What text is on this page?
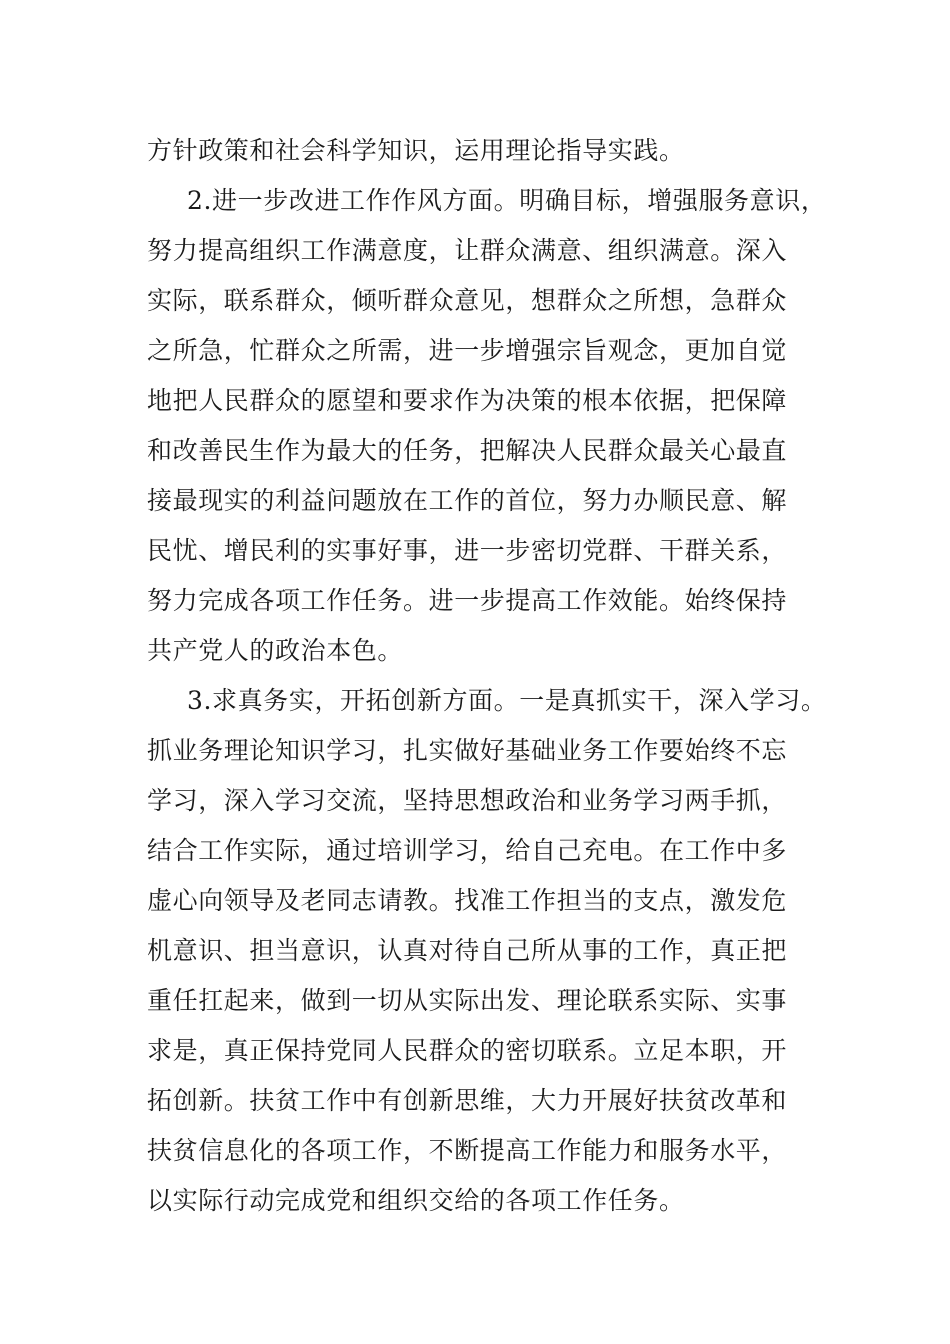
方针政策和社会科学知识，运用理论指导实践。
2.进一步改进工作作风方面。明确目标，增强服务意识，
努力提高组织工作满意度，让群众满意、组织满意。深入
实际，联系群众，倾听群众意见，想群众之所想，急群众
之所急，忙群众之所需，进一步增强宗旨观念，更加自觉
地把人民群众的愿望和要求作为决策的根本依据，把保障
和改善民生作为最大的任务，把解决人民群众最关心最直
接最现实的利益问题放在工作的首位，努力办顺民意、解
民忧、增民利的实事好事，进一步密切党群、干群关系，
努力完成各项工作任务。进一步提高工作效能。始终保持
共产党人的政治本色。
3.求真务实，开拓创新方面。一是真抓实干，深入学习。
抓业务理论知识学习，扎实做好基础业务工作要始终不忘
学习，深入学习交流，坚持思想政治和业务学习两手抓，
结合工作实际，通过培训学习，给自己充电。在工作中多
虚心向领导及老同志请教。找准工作担当的支点，激发危
机意识、担当意识，认真对待自己所从事的工作，真正把
重任扛起来，做到一切从实际出发、理论联系实际、实事
求是，真正保持党同人民群众的密切联系。立足本职，开
拓创新。扶贫工作中有创新思维，大力开展好扶贫改革和
扶贫信息化的各项工作，不断提高工作能力和服务水平，
以实际行动完成党和组织交给的各项工作任务。
